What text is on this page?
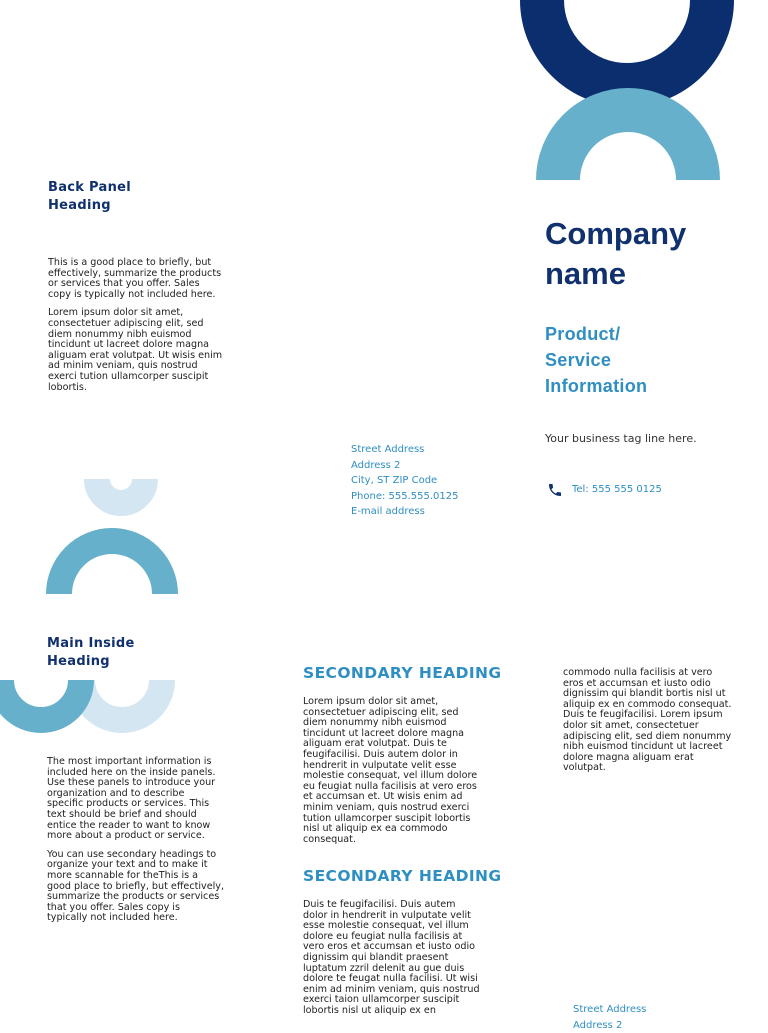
Back Panel
Heading

This is a good place to briefly, but
effectively, summarize the products
or services that you offer. Sales
copy is typically not included here.

Lorem ipsum dolor sit amet,
consectetuer adipiscing elit, sed
diem nonummy nibh euismod
tincidunt ut lacreet dolore magna
aliguam erat volutpat. Ut wisis enim
ad minim veniam, quis nostrud
exerci tution ullamcorper suscipit
lobortis.

Street Address
Address 2
City, ST ZIP Code
Phone: 555.555.0125
E-mail address
Company
name
Product/
Service
Information
Your business tag line here.
Tel: 555 555 0125
Main Inside
Heading

The most important information is
included here on the inside panels.
Use these panels to introduce your
organization and to describe
specific products or services. This
text should be brief and should
entice the reader to want to know
more about a product or service.

You can use secondary headings to
organize your text and to make it
more scannable for theThis is a
good place to briefly, but effectively,
summarize the products or services
that you offer. Sales copy is
typically not included here.

SECONDARY HEADING
Lorem ipsum dolor sit amet,
consectetuer adipiscing elit, sed
diem nonummy nibh euismod
tincidunt ut lacreet dolore magna
aliguam erat volutpat. Duis te
feugifacilisi. Duis autem dolor in
hendrerit in vulputate velit esse
molestie consequat, vel illum dolore
eu feugiat nulla facilisis at vero eros
et accumsan et. Ut wisis enim ad
minim veniam, quis nostrud exerci
tution ullamcorper suscipit lobortis
nisl ut aliquip ex ea commodo
consequat.
SECONDARY HEADING
Duis te feugifacilisi. Duis autem
dolor in hendrerit in vulputate velit
esse molestie consequat, vel illum
dolore eu feugiat nulla facilisis at
vero eros et accumsan et iusto odio
dignissim qui blandit praesent
luptatum zzril delenit au gue duis
dolore te feugat nulla facilisi. Ut wisi
enim ad minim veniam, quis nostrud
exerci taion ullamcorper suscipit
lobortis nisl ut aliquip ex en
commodo nulla facilisis at vero
eros et accumsan et iusto odio
dignissim qui blandit bortis nisl ut
aliquip ex en commodo consequat.
Duis te feugifacilisi. Lorem ipsum
dolor sit amet, consectetuer
adipiscing elit, sed diem nonummy
nibh euismod tincidunt ut lacreet
dolore magna aliguam erat
volutpat.
Street Address
Address 2
